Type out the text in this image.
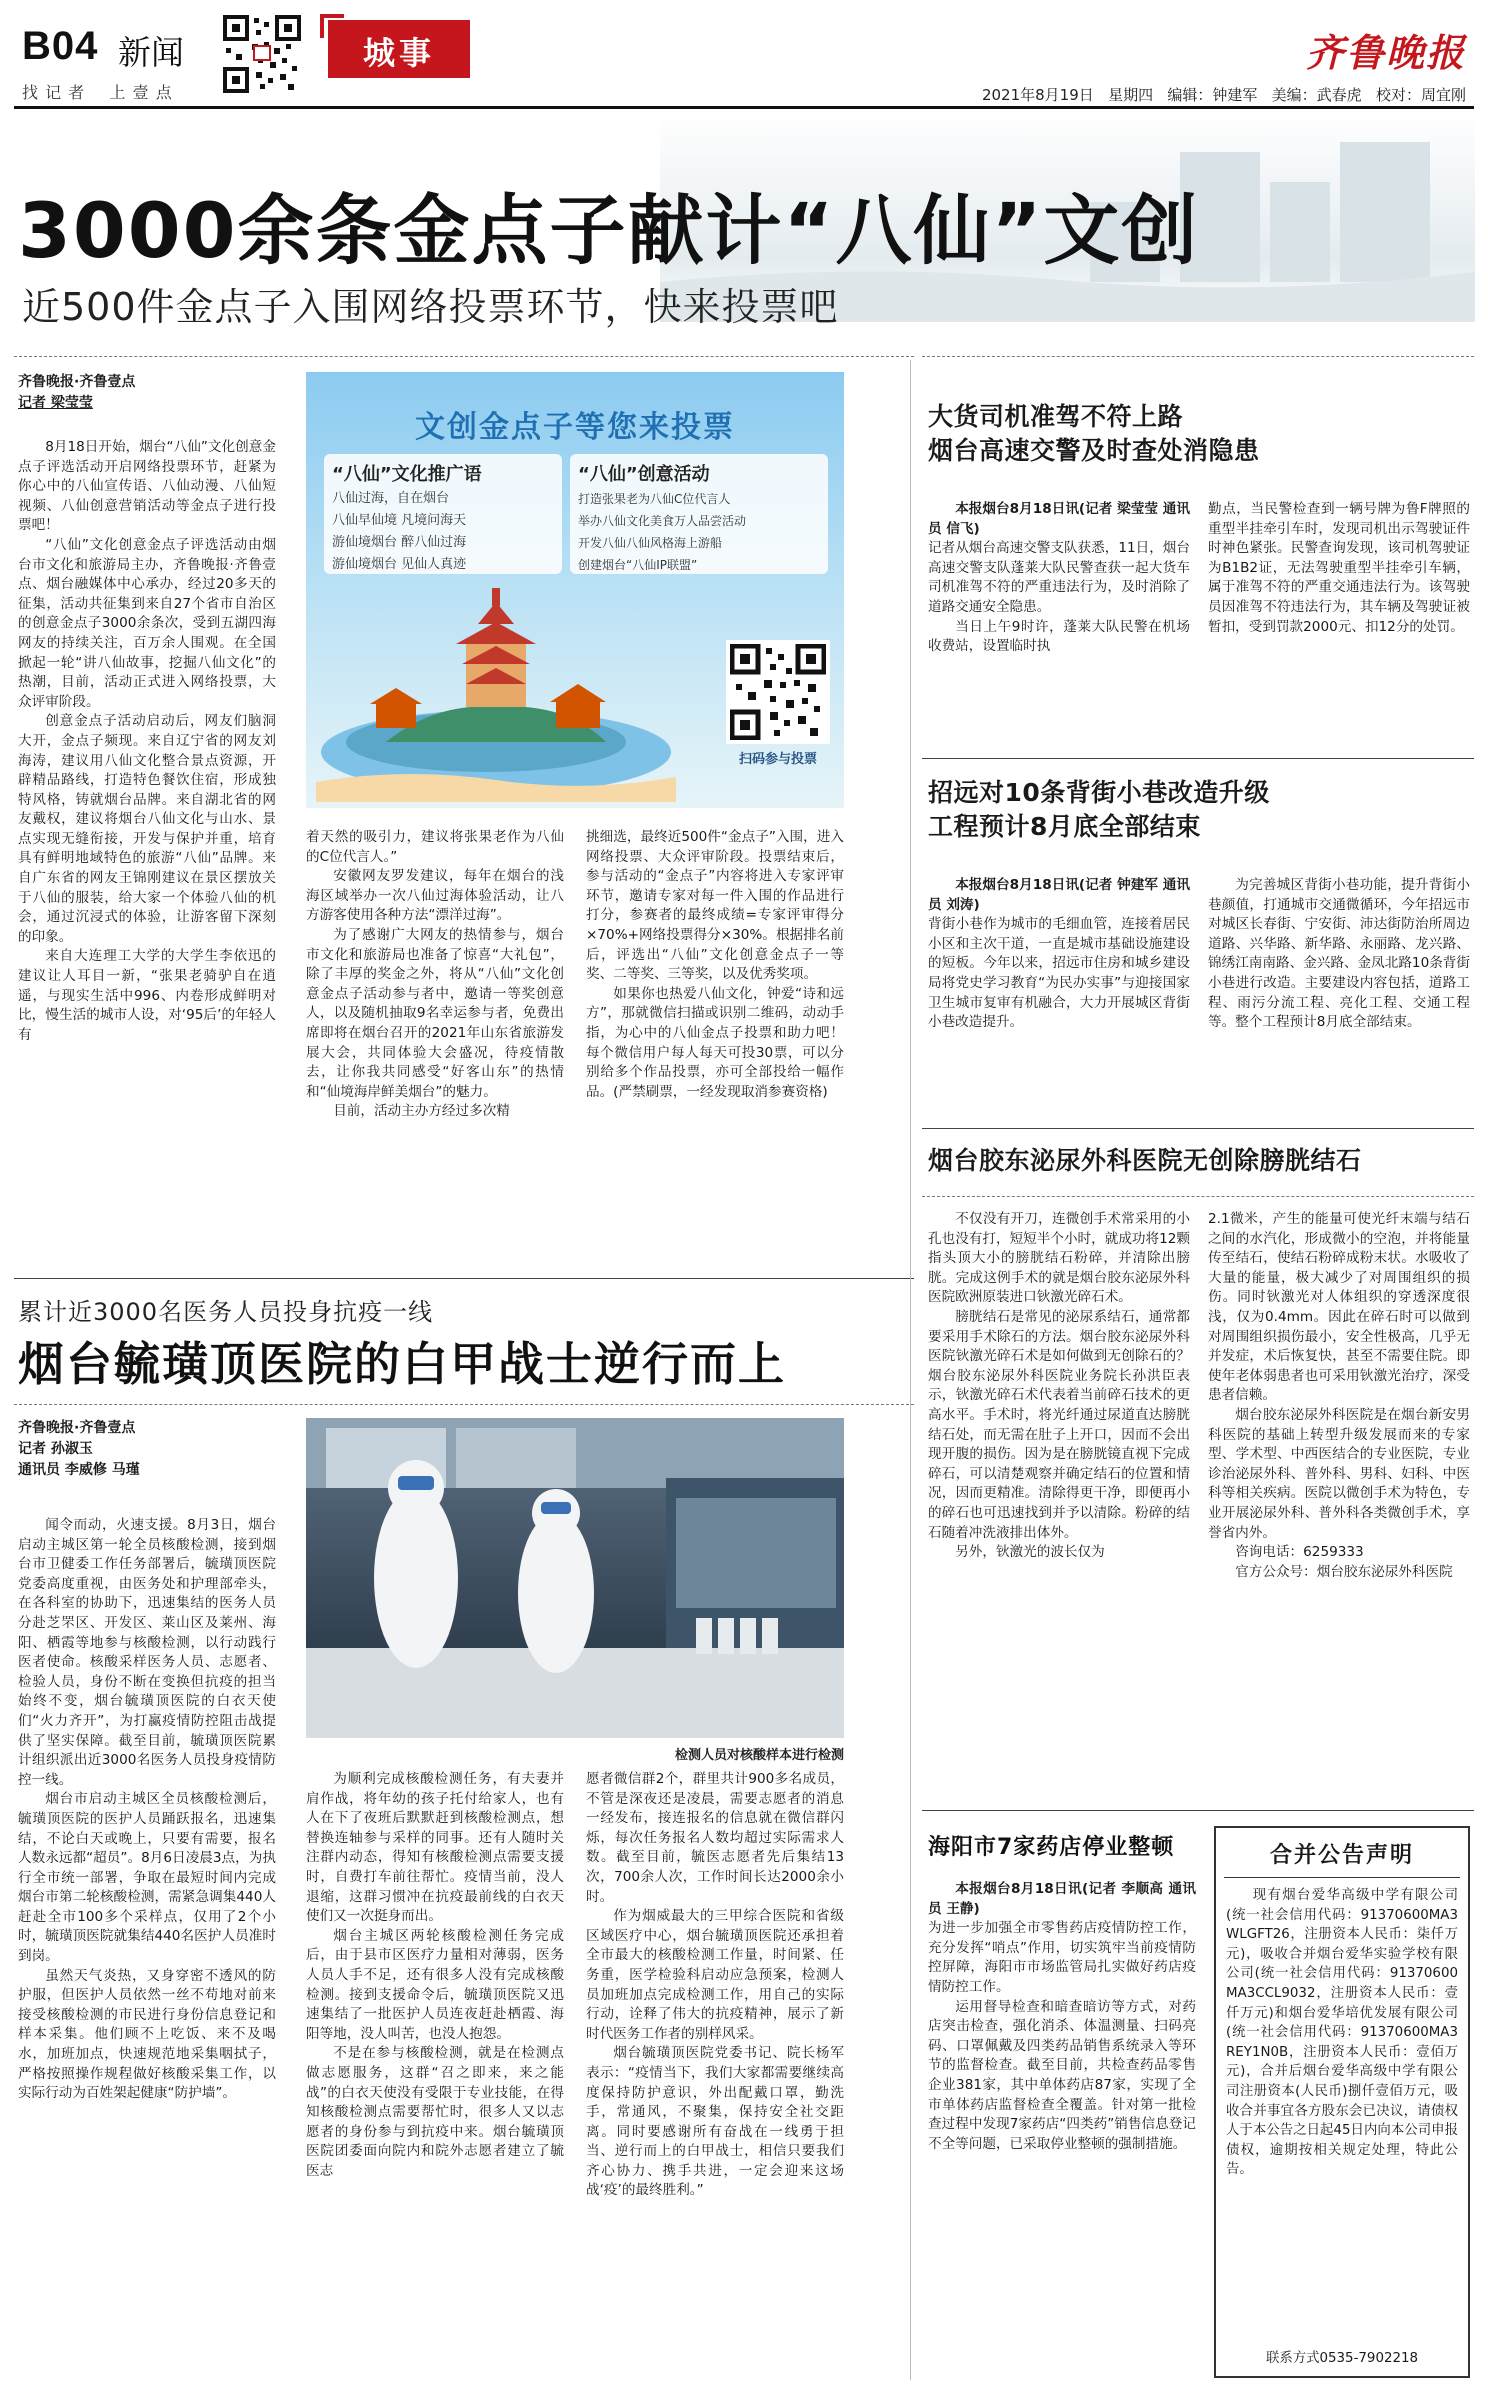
B04 新闻
找 记 者    上 壹 点
城事	齐鲁晚报
2021年8月19日   星期四   编辑：钟建军   美编：武春虎   校对：周宜刚
3000余条金点子献计“八仙”文创
近500件金点子入围网络投票环节，快来投票吧
齐鲁晚报·齐鲁壹点
记者 梁莹莹

8月18日开始，烟台“八仙”文化创意金点子评选活动开启网络投票环节，赶紧为你心中的八仙宣传语、八仙动漫、八仙短视频、八仙创意营销活动等金点子进行投票吧！

“八仙”文化创意金点子评选活动由烟台市文化和旅游局主办，齐鲁晚报·齐鲁壹点、烟台融媒体中心承办，经过20多天的征集，活动共征集到来自27个省市自治区的创意金点子3000余条次，受到五湖四海网友的持续关注，百万余人围观。在全国掀起一轮“讲八仙故事，挖掘八仙文化”的热潮，目前，活动正式进入网络投票，大众评审阶段。

创意金点子活动启动后，网友们脑洞大开，金点子频现。来自辽宁省的网友刘海涛，建议用八仙文化整合景点资源，开辟精品路线，打造特色餐饮住宿，形成独特风格，铸就烟台品牌。来自湖北省的网友戴权，建议将烟台八仙文化与山水、景点实现无缝衔接，开发与保护并重，培育具有鲜明地域特色的旅游“八仙”品牌。来自广东省的网友王锦刚建议在景区摆放关于八仙的服装，给大家一个体验八仙的机会，通过沉浸式的体验，让游客留下深刻的印象。

来自大连理工大学的大学生李依迅的建议让人耳目一新，“张果老骑驴自在逍遥，与现实生活中996、内卷形成鲜明对比，慢生活的城市人设，对‘95后’的年轻人有

文创金点子等您来投票
“八仙”文化推广语
八仙过海，自在烟台
八仙早仙境 凡境问海天
游仙境烟台 醉八仙过海
游仙境烟台 见仙人真迹
“八仙”创意活动
打造张果老为八仙C位代言人
举办八仙文化美食万人品尝活动
开发八仙八仙风格海上游船
创建烟台“八仙IP联盟”
扫码参与投票

着天然的吸引力，建议将张果老作为八仙的C位代言人。”

安徽网友罗发建议，每年在烟台的浅海区域举办一次八仙过海体验活动，让八方游客使用各种方法“漂洋过海”。

为了感谢广大网友的热情参与，烟台市文化和旅游局也准备了惊喜“大礼包”，除了丰厚的奖金之外，将从“八仙”文化创意金点子活动参与者中，邀请一等奖创意人，以及随机抽取9名幸运参与者，免费出席即将在烟台召开的2021年山东省旅游发展大会，共同体验大会盛况，待疫情散去，让你我共同感受“好客山东”的热情和“仙境海岸鲜美烟台”的魅力。

目前，活动主办方经过多次精

挑细选，最终近500件“金点子”入围，进入网络投票、大众评审阶段。投票结束后，参与活动的“金点子”内容将进入专家评审环节，邀请专家对每一件入围的作品进行打分，参赛者的最终成绩=专家评审得分×70%+网络投票得分×30%。根据排名前后，评选出“八仙”文化创意金点子一等奖、二等奖、三等奖，以及优秀奖项。

如果你也热爱八仙文化，钟爱“诗和远方”，那就微信扫描或识别二维码，动动手指，为心中的八仙金点子投票和助力吧！每个微信用户每人每天可投30票，可以分别给多个作品投票，亦可全部投给一幅作品。(严禁刷票，一经发现取消参赛资格)

累计近3000名医务人员投身抗疫一线
烟台毓璜顶医院的白甲战士逆行而上
齐鲁晚报·齐鲁壹点
记者 孙淑玉
通讯员 李威修 马瑾

闻令而动，火速支援。8月3日，烟台启动主城区第一轮全员核酸检测，接到烟台市卫健委工作任务部署后，毓璜顶医院党委高度重视，由医务处和护理部牵头，在各科室的协助下，迅速集结的医务人员分赴芝罘区、开发区、莱山区及莱州、海阳、栖霞等地参与核酸检测，以行动践行医者使命。核酸采样医务人员、志愿者、检验人员，身份不断在变换但抗疫的担当始终不变，烟台毓璜顶医院的白衣天使们“火力齐开”，为打赢疫情防控阻击战提供了坚实保障。截至目前，毓璜顶医院累计组织派出近3000名医务人员投身疫情防控一线。

烟台市启动主城区全员核酸检测后，毓璜顶医院的医护人员踊跃报名，迅速集结，不论白天或晚上，只要有需要，报名人数永远都“超员”。8月6日凌晨3点，为执行全市统一部署，争取在最短时间内完成烟台市第二轮核酸检测，需紧急调集440人赶赴全市100多个采样点，仅用了2个小时，毓璜顶医院就集结440名医护人员准时到岗。

虽然天气炎热，又身穿密不透风的防护服，但医护人员依然一丝不苟地对前来接受核酸检测的市民进行身份信息登记和样本采集。他们顾不上吃饭、来不及喝水，加班加点，快速规范地采集咽拭子，严格按照操作规程做好核酸采集工作，以实际行动为百姓架起健康“防护墙”。

检测人员对核酸样本进行检测

为顺利完成核酸检测任务，有夫妻并肩作战，将年幼的孩子托付给家人，也有人在下了夜班后默默赶到核酸检测点，想替换连轴参与采样的同事。还有人随时关注群内动态，得知有核酸检测点需要支援时，自费打车前往帮忙。疫情当前，没人退缩，这群习惯冲在抗疫最前线的白衣天使们又一次挺身而出。

烟台主城区两轮核酸检测任务完成后，由于县市区医疗力量相对薄弱，医务人员人手不足，还有很多人没有完成核酸检测。接到支援命令后，毓璜顶医院又迅速集结了一批医护人员连夜赶赴栖霞、海阳等地，没人叫苦，也没人抱怨。

不是在参与核酸检测，就是在检测点做志愿服务，这群“召之即来，来之能战”的白衣天使没有受限于专业技能，在得知核酸检测点需要帮忙时，很多人又以志愿者的身份参与到抗疫中来。烟台毓璜顶医院团委面向院内和院外志愿者建立了毓医志

愿者微信群2个，群里共计900多名成员，不管是深夜还是凌晨，需要志愿者的消息一经发布，接连报名的信息就在微信群闪烁，每次任务报名人数均超过实际需求人数。截至目前，毓医志愿者先后集结13次，700余人次，工作时间长达2000余小时。

作为烟威最大的三甲综合医院和省级区域医疗中心，烟台毓璜顶医院还承担着全市最大的核酸检测工作量，时间紧、任务重，医学检验科启动应急预案，检测人员加班加点完成检测工作，用自己的实际行动，诠释了伟大的抗疫精神，展示了新时代医务工作者的别样风采。

烟台毓璜顶医院党委书记、院长杨军表示：“疫情当下，我们大家都需要继续高度保持防护意识，外出配戴口罩，勤洗手，常通风，不聚集，保持安全社交距离。同时要感谢所有奋战在一线勇于担当、逆行而上的白甲战士，相信只要我们齐心协力、携手共进，一定会迎来这场战‘疫’的最终胜利。”

大货司机准驾不符上路
烟台高速交警及时查处消隐患
本报烟台8月18日讯(记者 梁莹莹 通讯员 信飞)

记者从烟台高速交警支队获悉，11日，烟台高速交警支队蓬莱大队民警查获一起大货车司机准驾不符的严重违法行为，及时消除了道路交通安全隐患。

当日上午9时许，蓬莱大队民警在机场收费站，设置临时执

勤点，当民警检查到一辆号牌为鲁F牌照的重型半挂牵引车时，发现司机出示驾驶证件时神色紧张。民警查询发现，该司机驾驶证为B1B2证，无法驾驶重型半挂牵引车辆，属于准驾不符的严重交通违法行为。该驾驶员因准驾不符违法行为，其车辆及驾驶证被暂扣，受到罚款2000元、扣12分的处罚。

招远对10条背街小巷改造升级
工程预计8月底全部结束
本报烟台8月18日讯(记者 钟建军 通讯员 刘涛)

背街小巷作为城市的毛细血管，连接着居民小区和主次干道，一直是城市基础设施建设的短板。今年以来，招远市住房和城乡建设局将党史学习教育“为民办实事”与迎接国家卫生城市复审有机融合，大力开展城区背街小巷改造提升。

为完善城区背街小巷功能，提升背街小巷颜值，打通城市交通微循环，今年招远市对城区长春街、宁安街、沛达街防治所周边道路、兴华路、新华路、永丽路、龙兴路、锦绣江南南路、金兴路、金凤北路10条背街小巷进行改造。主要建设内容包括，道路工程、雨污分流工程、亮化工程、交通工程等。整个工程预计8月底全部结束。

烟台胶东泌尿外科医院无创除膀胱结石

不仅没有开刀，连微创手术常采用的小孔也没有打，短短半个小时，就成功将12颗指头顶大小的膀胱结石粉碎，并清除出膀胱。完成这例手术的就是烟台胶东泌尿外科医院欧洲原装进口钬激光碎石术。

膀胱结石是常见的泌尿系结石，通常都要采用手术除石的方法。烟台胶东泌尿外科医院钬激光碎石术是如何做到无创除石的？烟台胶东泌尿外科医院业务院长孙洪臣表示，钬激光碎石术代表着当前碎石技术的更高水平。手术时，将光纤通过尿道直达膀胱结石处，而无需在肚子上开口，因而不会出现开腹的损伤。因为是在膀胱镜直视下完成碎石，可以清楚观察并确定结石的位置和情况，因而更精准。清除得更干净，即便再小的碎石也可迅速找到并予以清除。粉碎的结石随着冲洗液排出体外。

另外，钬激光的波长仅为

2.1微米，产生的能量可使光纤末端与结石之间的水汽化，形成微小的空泡，并将能量传至结石，使结石粉碎成粉末状。水吸收了大量的能量，极大减少了对周围组织的损伤。同时钬激光对人体组织的穿透深度很浅，仅为0.4mm。因此在碎石时可以做到对周围组织损伤最小，安全性极高，几乎无并发症，术后恢复快，甚至不需要住院。即使年老体弱患者也可采用钬激光治疗，深受患者信赖。

烟台胶东泌尿外科医院是在烟台新安男科医院的基础上转型升级发展而来的专家型、学术型、中西医结合的专业医院，专业诊治泌尿外科、普外科、男科、妇科、中医科等相关疾病。医院以微创手术为特色，专业开展泌尿外科、普外科各类微创手术，享誉省内外。

咨询电话：6259333

官方公众号：烟台胶东泌尿外科医院

海阳市7家药店停业整顿
本报烟台8月18日讯(记者 李顺高 通讯员 王静)

为进一步加强全市零售药店疫情防控工作，充分发挥“哨点”作用，切实筑牢当前疫情防控屏障，海阳市市场监管局扎实做好药店疫情防控工作。

运用督导检查和暗查暗访等方式，对药店突击检查，强化消杀、体温测量、扫码亮码、口罩佩戴及四类药品销售系统录入等环节的监督检查。截至目前，共检查药品零售企业381家，其中单体药店87家，实现了全市单体药店监督检查全覆盖。针对第一批检查过程中发现7家药店“四类药”销售信息登记不全等问题，已采取停业整顿的强制措施。

合并公告声明
现有烟台爱华高级中学有限公司(统一社会信用代码：91370600MA3WLGFT26，注册资本人民币：柒仟万元)，吸收合并烟台爱华实验学校有限公司(统一社会信用代码：91370600MA3CCL9032，注册资本人民币：壹仟万元)和烟台爱华培优发展有限公司(统一社会信用代码：91370600MA3REY1N0B，注册资本人民币：壹佰万元)，合并后烟台爱华高级中学有限公司注册资本(人民币)捌仟壹佰万元，吸收合并事宜各方股东会已决议，请债权人于本公告之日起45日内向本公司申报债权，逾期按相关规定处理，特此公告。
联系方式0535-7902218
